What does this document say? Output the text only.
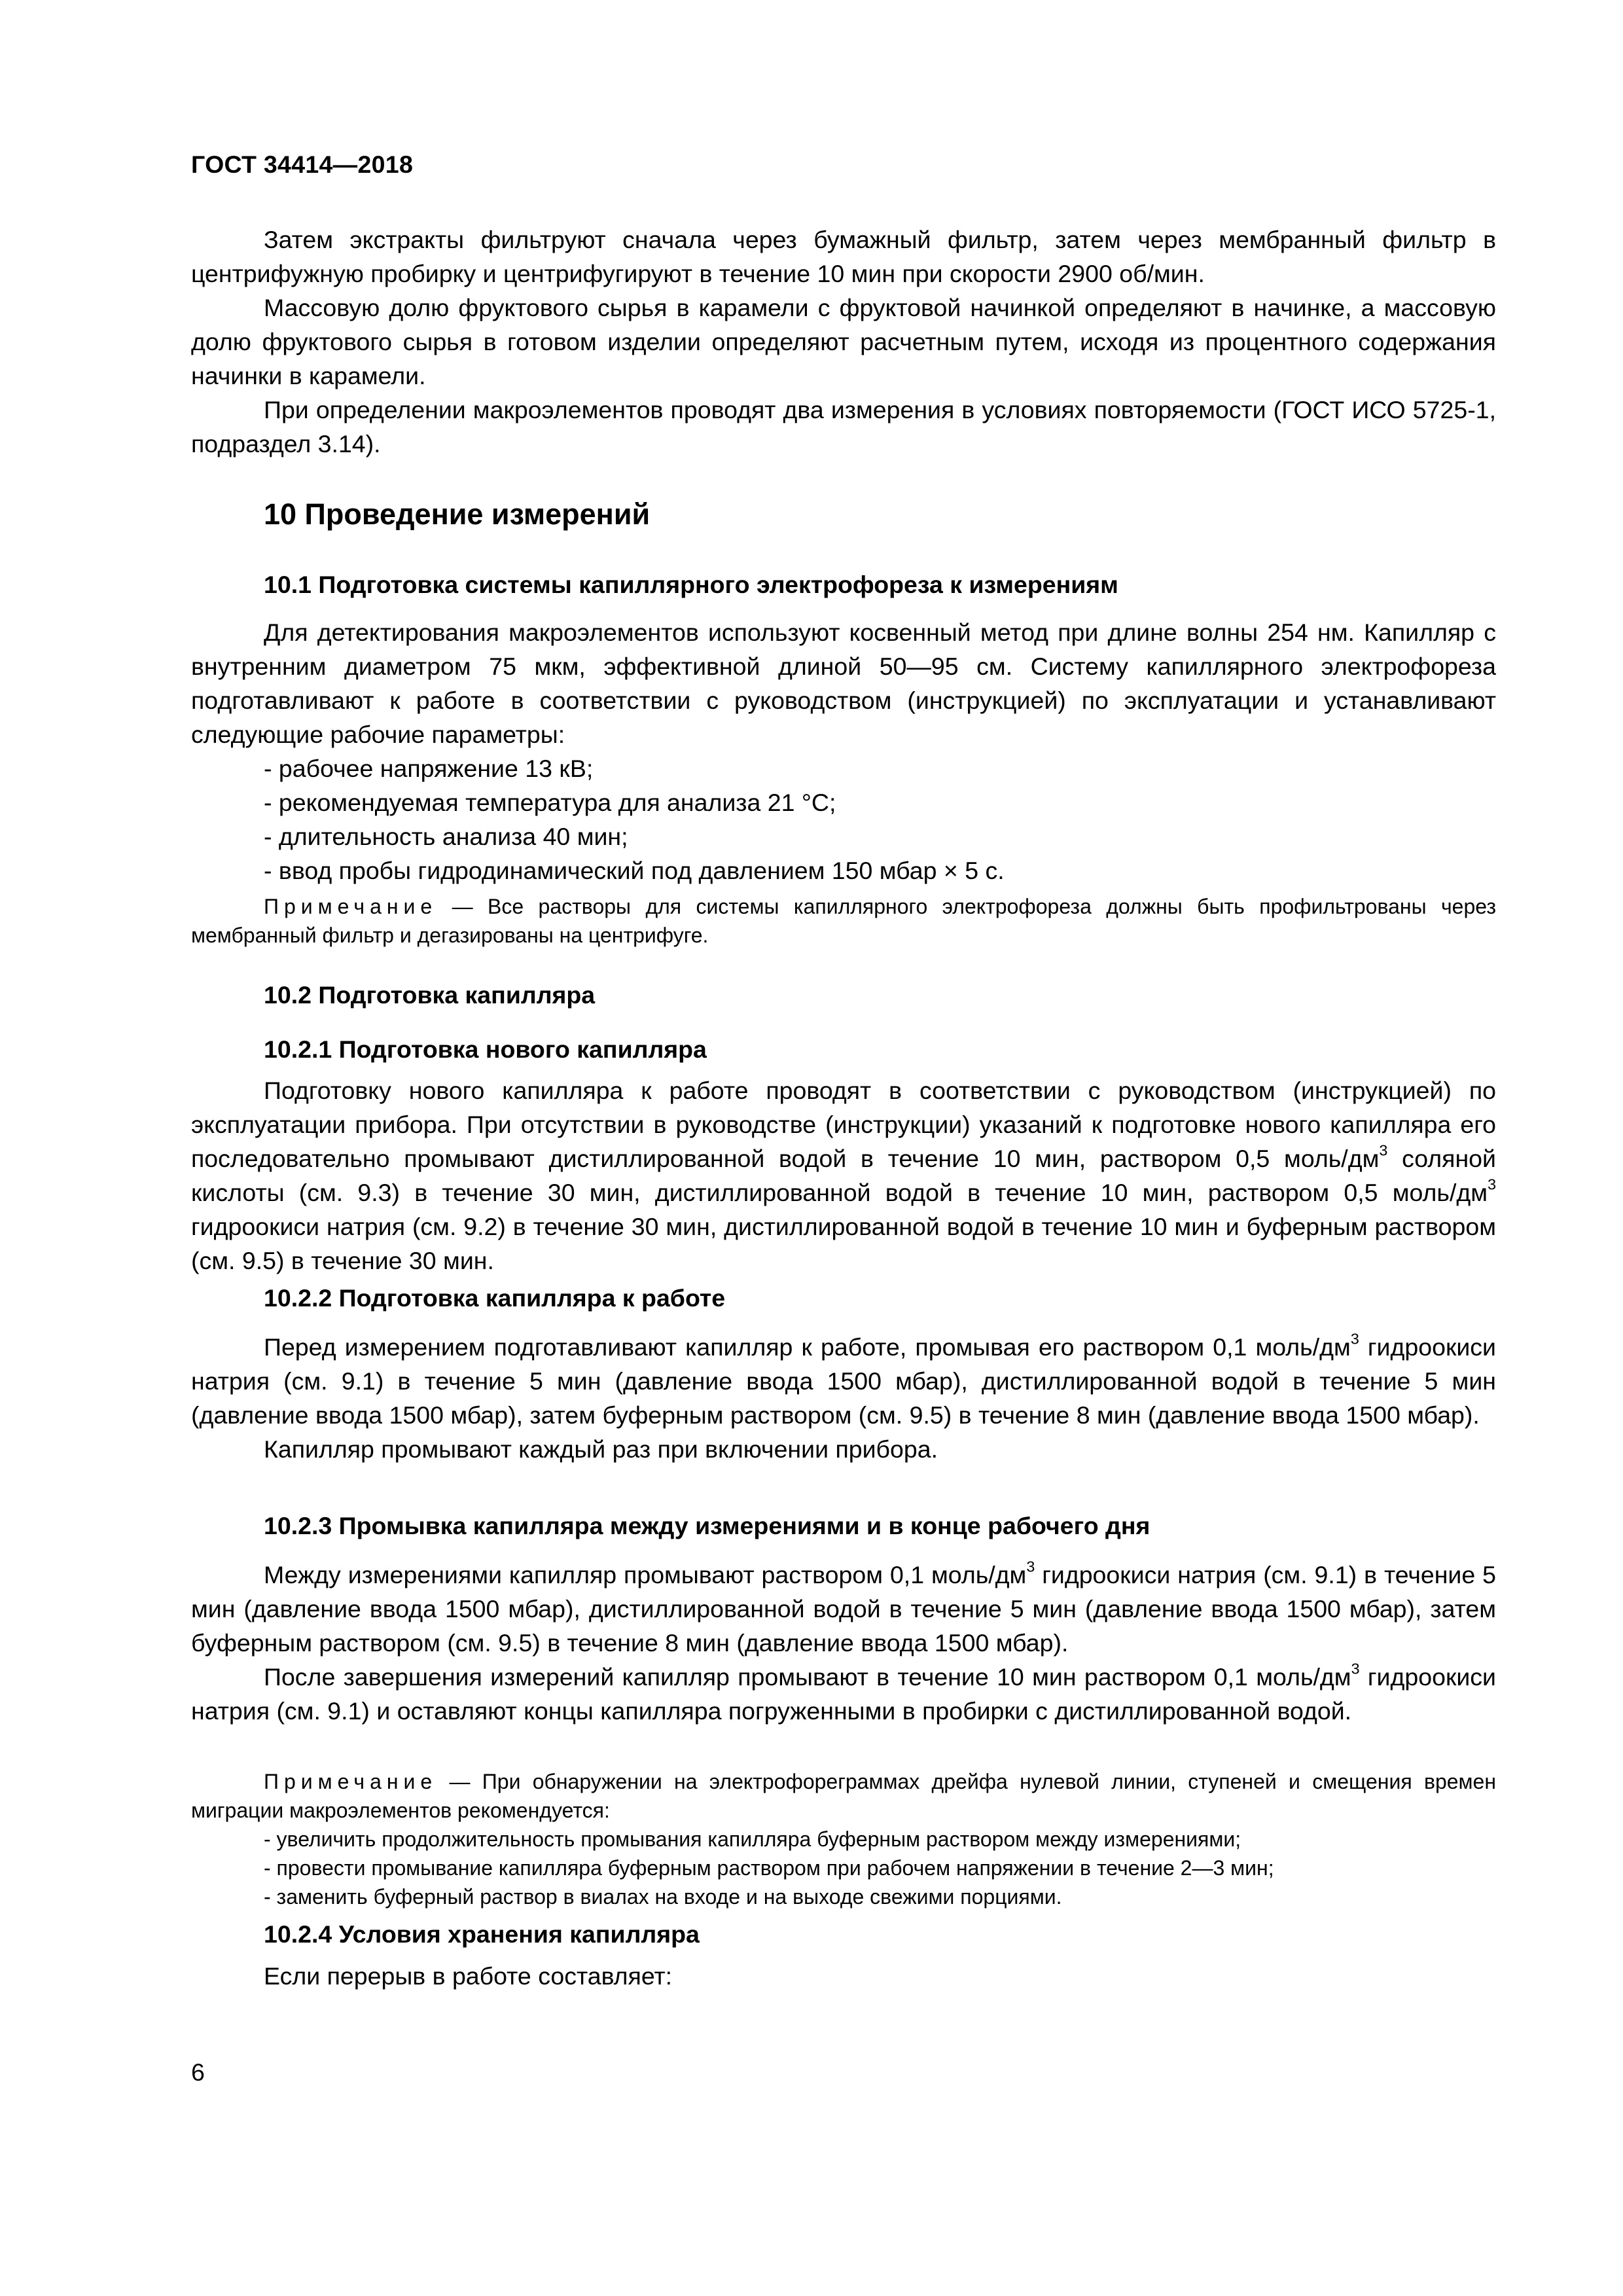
ГОСТ 34414—2018

Затем экстракты фильтруют сначала через бумажный фильтр, затем через мембранный фильтр в центрифужную пробирку и центрифугируют в течение 10 мин при скорости 2900 об/мин.

Массовую долю фруктового сырья в карамели с фруктовой начинкой определяют в начинке, а массовую долю фруктового сырья в готовом изделии определяют расчетным путем, исходя из процентного содержания начинки в карамели.

При определении макроэлементов проводят два измерения в условиях повторяемости (ГОСТ ИСО 5725-1, подраздел 3.14).

10 Проведение измерений
10.1 Подготовка системы капиллярного электрофореза к измерениям

Для детектирования макроэлементов используют косвенный метод при длине волны 254 нм. Капилляр с внутренним диаметром 75 мкм, эффективной длиной 50—95 см. Систему капиллярного электрофореза подготавливают к работе в соответствии с руководством (инструкцией) по эксплуатации и устанавливают следующие рабочие параметры:

- рабочее напряжение 13 кВ;

- рекомендуемая температура для анализа 21 °С;

- длительность анализа 40 мин;

- ввод пробы гидродинамический под давлением 150 мбар × 5 с.

Примечание — Все растворы для системы капиллярного электрофореза должны быть профильтрованы через мембранный фильтр и дегазированы на центрифуге.

10.2 Подготовка капилляра
10.2.1 Подготовка нового капилляра

Подготовку нового капилляра к работе проводят в соответствии с руководством (инструкцией) по эксплуатации прибора. При отсутствии в руководстве (инструкции) указаний к подготовке нового капилляра его последовательно промывают дистиллированной водой в течение 10 мин, раствором 0,5 моль/$дм^3$ соляной кислоты (см. 9.3) в течение 30 мин, дистиллированной водой в течение 10 мин, раствором 0,5 моль/$дм^3$ гидроокиси натрия (см. 9.2) в течение 30 мин, дистиллированной водой в течение 10 мин и буферным раствором (см. 9.5) в течение 30 мин.

10.2.2 Подготовка капилляра к работе

Перед измерением подготавливают капилляр к работе, промывая его раствором 0,1 моль/$дм^3$ гидроокиси натрия (см. 9.1) в течение 5 мин (давление ввода 1500 мбар), дистиллированной водой в течение 5 мин (давление ввода 1500 мбар), затем буферным раствором (см. 9.5) в течение 8 мин (давление ввода 1500 мбар).

Капилляр промывают каждый раз при включении прибора.

10.2.3 Промывка капилляра между измерениями и в конце рабочего дня

Между измерениями капилляр промывают раствором 0,1 моль/$дм^3$ гидроокиси натрия (см. 9.1) в течение 5 мин (давление ввода 1500 мбар), дистиллированной водой в течение 5 мин (давление ввода 1500 мбар), затем буферным раствором (см. 9.5) в течение 8 мин (давление ввода 1500 мбар).

После завершения измерений капилляр промывают в течение 10 мин раствором 0,1 моль/$дм^3$ гидроокиси натрия (см. 9.1) и оставляют концы капилляра погруженными в пробирки с дистиллированной водой.

Примечание — При обнаружении на электрофореграммах дрейфа нулевой линии, ступеней и смещения времен миграции макроэлементов рекомендуется:

- увеличить продолжительность промывания капилляра буферным раствором между измерениями;

- провести промывание капилляра буферным раствором при рабочем напряжении в течение 2—3 мин;

- заменить буферный раствор в виалах на входе и на выходе свежими порциями.

10.2.4 Условия хранения капилляра

Если перерыв в работе составляет:

6
